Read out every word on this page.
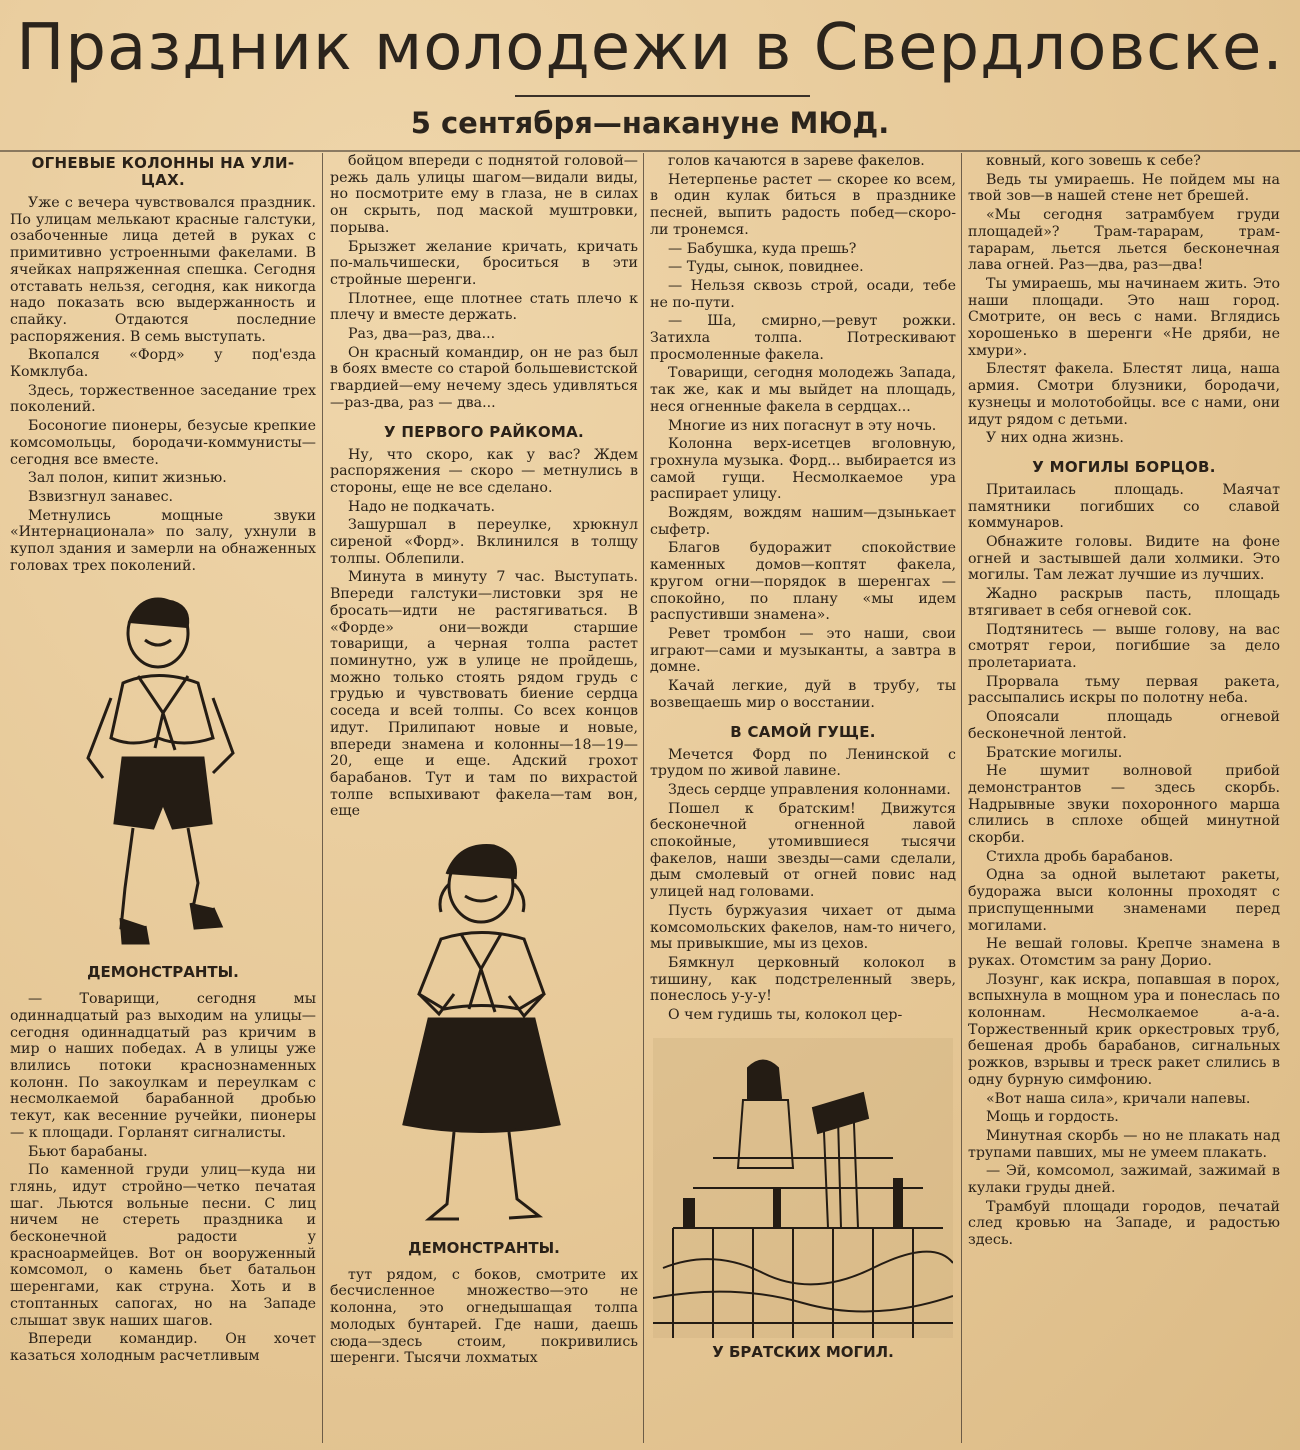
Праздник молодежи в Свердловске.
5 сентября—накануне МЮД.
ОГНЕВЫЕ КОЛОННЫ НА УЛИ-ЦАХ.

Уже с вечера чувствовался праздник. По улицам мелькают красные галстуки, озабоченные лица детей в руках с примитивно устроенными факелами. В ячейках напряженная спешка. Сегодня отставать нельзя, сегодня, как никогда надо показать всю выдержанность и спайку. Отдаются последние распоряжения. В семь выступать.

Вкопался «Форд» у под'езда Комклуба.

Здесь, торжественное заседание трех поколений.

Босоногие пионеры, безусые крепкие комсомольцы, бородачи-коммунисты—сегодня все вместе.

Зал полон, кипит жизнью.

Взвизгнул занавес.

Метнулись мощные звуки «Интернационала» по залу, ухнули в купол здания и замерли на обнаженных головах трех поколений.

ДЕМОНСТРАНТЫ.

— Товарищи, сегодня мы одиннадцатый раз выходим на улицы—сегодня одиннадцатый раз кричим в мир о наших победах. А в улицы уже влились потоки краснознаменных колонн. По закоулкам и переулкам с несмолкаемой барабанной дробью текут, как весенние ручейки, пионеры — к площади. Горланят сигналисты.

Бьют барабаны.

По каменной груди улиц—куда ни глянь, идут стройно—четко печатая шаг. Льются вольные песни. С лиц ничем не стереть праздника и бесконечной радости у красноармейцев. Вот он вооруженный комсомол, о камень бьет батальон шеренгами, как струна. Хоть и в стоптанных сапогах, но на Западе слышат звук наших шагов.

Впереди командир. Он хочет казаться холодным расчетливым

бойцом впереди с поднятой головой—режь даль улицы шагом—видали виды, но посмотрите ему в глаза, не в силах он скрыть, под маской муштровки, порыва.

Брызжет желание кричать, кричать по-мальчишески, броситься в эти стройные шеренги.

Плотнее, еще плотнее стать плечо к плечу и вместе держать.

Раз, два—раз, два...

Он красный командир, он не раз был в боях вместе со старой большевистской гвардией—ему нечему здесь удивляться—раз-два, раз — два...

У ПЕРВОГО РАЙКОМА.

Ну, что скоро, как у вас? Ждем распоряжения — скоро — метнулись в стороны, еще не все сделано.

Надо не подкачать.

Зашуршал в переулке, хрюкнул сиреной «Форд». Вклинился в толщу толпы. Облепили.

Минута в минуту 7 час. Выступать. Впереди галстуки—листовки зря не бросать—идти не растягиваться. В «Форде» они—вожди старшие товарищи, а черная толпа растет поминутно, уж в улице не пройдешь, можно только стоять рядом грудь с грудью и чувствовать биение сердца соседа и всей толпы. Со всех концов идут. Прилипают новые и новые, впереди знамена и колонны—18—19—20, еще и еще. Адский грохот барабанов. Тут и там по вихрастой толпе вспыхивают факела—там вон, еще

ДЕМОНСТРАНТЫ.

тут рядом, с боков, смотрите их бесчисленное множество—это не колонна, это огнедышащая толпа молодых бунтарей. Где наши, даешь сюда—здесь стоим, покривились шеренги. Тысячи лохматых

голов качаются в зареве факелов.

Нетерпенье растет — скорее ко всем, в один кулак биться в празднике песней, выпить радость побед—скоро-ли тронемся.

— Бабушка, куда прешь?

— Туды, сынок, повиднее.

— Нельзя сквозь строй, осади, тебе не по-пути.

— Ша, смирно,—ревут рожки. Затихла толпа. Потрескивают просмоленные факела.

Товарищи, сегодня молодежь Запада, так же, как и мы выйдет на площадь, неся огненные факела в сердцах...

Многие из них погаснут в эту ночь.

Колонна верх-исетцев вголовную, грохнула музыка. Форд... выбирается из самой гущи. Несмолкаемое ура распирает улицу.

Вождям, вождям нашим—дзынькает сыфетр.

Благов будоражит спокойствие каменных домов—коптят факела, кругом огни—порядок в шеренгах —спокойно, по плану «мы идем распустивши знамена».

Ревет тромбон — это наши, свои играют—сами и музыканты, а завтра в домне.

Качай легкие, дуй в трубу, ты возвещаешь мир о восстании.

В САМОЙ ГУЩЕ.

Мечется Форд по Ленинской с трудом по живой лавине.

Здесь сердце управления колоннами.

Пошел к братским! Движутся бесконечной огненной лавой спокойные, утомившиеся тысячи факелов, наши звезды—сами сделали, дым смолевый от огней повис над улицей над головами.

Пусть буржуазия чихает от дыма комсомольских факелов, нам-то ничего, мы привыкшие, мы из цехов.

Бямкнул церковный колокол в тишину, как подстреленный зверь, понеслось у-у-у!

О чем гудишь ты, колокол цер-

У БРАТСКИХ МОГИЛ.

ковный, кого зовешь к себе?

Ведь ты умираешь. Не пойдем мы на твой зов—в нашей стене нет брешей.

«Мы сегодня затрамбуем груди площадей»? Трам-тарарам, трам-тарарам, льется льется бесконечная лава огней. Раз—два, раз—два!

Ты умираешь, мы начинаем жить. Это наши площади. Это наш город. Смотрите, он весь с нами. Вглядись хорошенько в шеренги «Не дряби, не хмури».

Блестят факела. Блестят лица, наша армия. Смотри блузники, бородачи, кузнецы и молотобойцы. все с нами, они идут рядом с детьми.

У них одна жизнь.

У МОГИЛЫ БОРЦОВ.

Притаилась площадь. Маячат памятники погибших со славой коммунаров.

Обнажите головы. Видите на фоне огней и застывшей дали холмики. Это могилы. Там лежат лучшие из лучших.

Жадно раскрыв пасть, площадь втягивает в себя огневой сок.

Подтянитесь — выше голову, на вас смотрят герои, погибшие за дело пролетариата.

Прорвала тьму первая ракета, рассыпались искры по полотну неба.

Опоясали площадь огневой бесконечной лентой.

Братские могилы.

Не шумит волновой прибой демонстрантов — здесь скорбь. Надрывные звуки похоронного марша слились в сплохе общей минутной скорби.

Стихла дробь барабанов.

Одна за одной вылетают ракеты, будоража выси колонны проходят с приспущенными знаменами перед могилами.

Не вешай головы. Крепче знамена в руках. Отомстим за рану Дорио.

Лозунг, как искра, попавшая в порох, вспыхнула в мощном ура и понеслась по колоннам. Несмолкаемое а-а-а. Торжественный крик оркестровых труб, бешеная дробь барабанов, сигнальных рожков, взрывы и треск ракет слились в одну бурную симфонию.

«Вот наша сила», кричали напевы.

Мощь и гордость.

Минутная скорбь — но не плакать над трупами павших, мы не умеем плакать.

— Эй, комсомол, зажимай, зажимай в кулаки груды дней.

Трамбуй площади городов, печатай след кровью на Западе, и радостью здесь.
